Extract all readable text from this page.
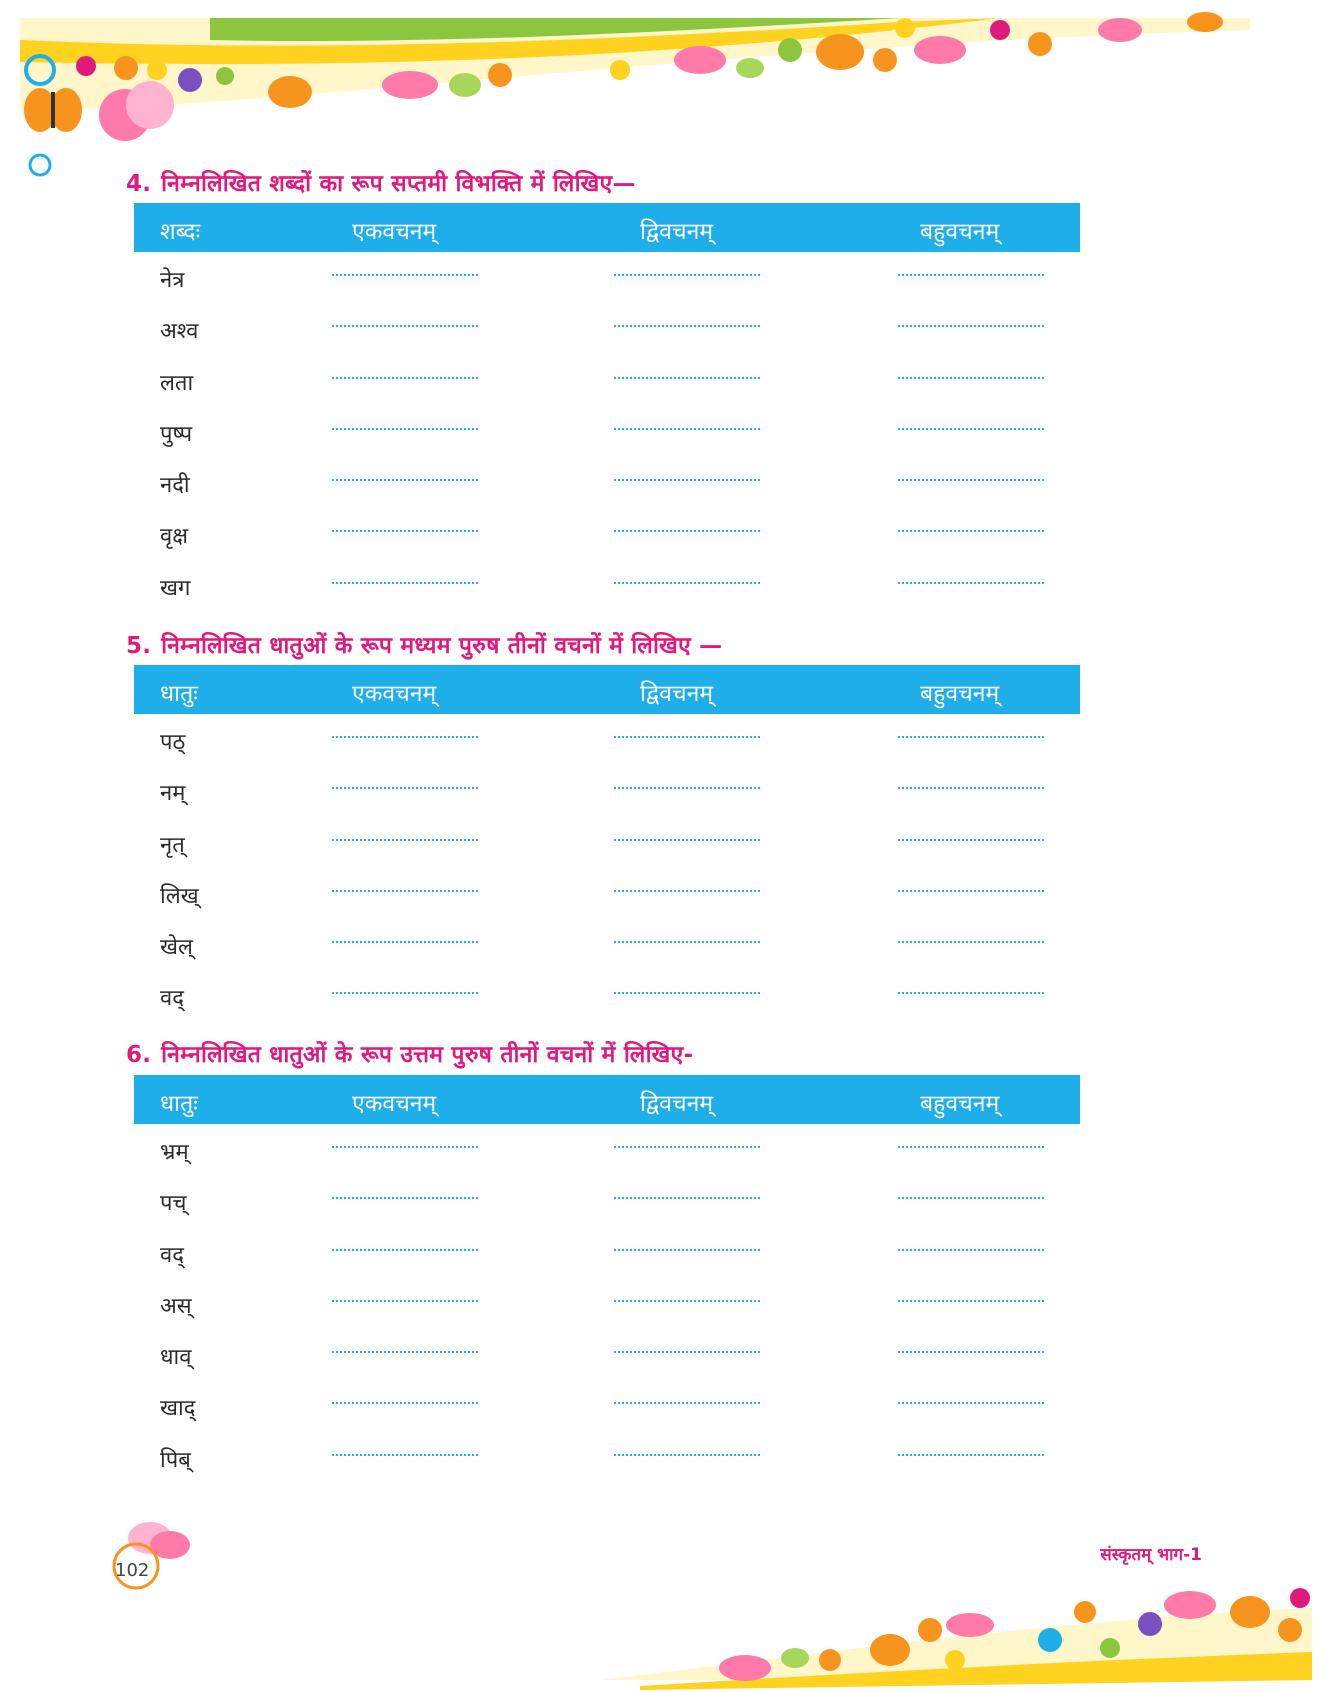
4. निम्नलिखित शब्दों का रूप सप्तमी विभक्ति में लिखिए—
शब्दः	एकवचनम्	द्विवचनम्	बहुवचनम्
नेत्र
अश्व
लता
पुष्प
नदी
वृक्ष
खग
5. निम्नलिखित धातुओं के रूप मध्यम पुरुष तीनों वचनों में लिखिए —
धातुः	एकवचनम्	द्विवचनम्	बहुवचनम्
पठ्
नम्
नृत्
लिख्
खेल्
वद्
6. निम्नलिखित धातुओं के रूप उत्तम पुरुष तीनों वचनों में लिखिए-
धातुः	एकवचनम्	द्विवचनम्	बहुवचनम्
भ्रम्
पच्
वद्
अस्
धाव्
खाद्
पिब्
102
संस्कृतम् भाग-1
